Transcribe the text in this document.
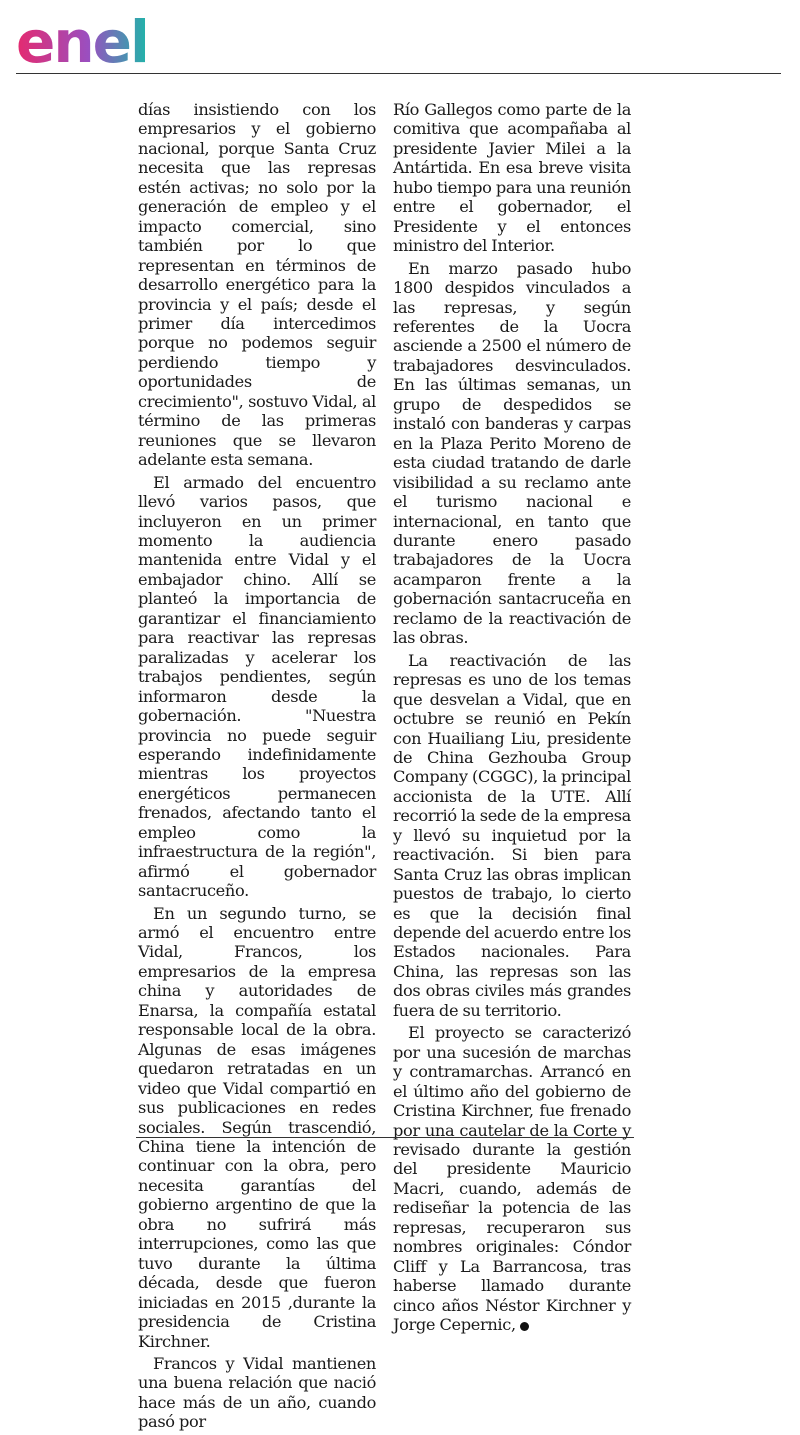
enel

días insistiendo con los empresarios y el gobierno nacional, porque Santa Cruz necesita que las represas estén activas; no solo por la generación de empleo y el impacto comercial, sino también por lo que representan en términos de desarrollo energético para la provincia y el país; desde el primer día intercedimos porque no podemos seguir perdiendo tiempo y oportunidades de crecimiento", sostuvo Vidal, al término de las primeras reuniones que se llevaron adelante esta semana.

El armado del encuentro llevó varios pasos, que incluyeron en un primer momento la audiencia mantenida entre Vidal y el embajador chino. Allí se planteó la importancia de garantizar el financiamiento para reactivar las represas paralizadas y acelerar los trabajos pendientes, según informaron desde la gobernación. "Nuestra provincia no puede seguir esperando indefinidamente mientras los proyectos energéticos permanecen frenados, afectando tanto el empleo como la infraestructura de la región", afirmó el gobernador santacruceño.

En un segundo turno, se armó el encuentro entre Vidal, Francos, los empresarios de la empresa china y autoridades de Enarsa, la compañía estatal responsable local de la obra. Algunas de esas imágenes quedaron retratadas en un video que Vidal compartió en sus publicaciones en redes sociales. Según trascendió, China tiene la intención de continuar con la obra, pero necesita garantías del gobierno argentino de que la obra no sufrirá más interrupciones, como las que tuvo durante la última década, desde que fueron iniciadas en 2015 ,durante la presidencia de Cristina Kirchner.

Francos y Vidal mantienen una buena relación que nació hace más de un año, cuando pasó por

Río Gallegos como parte de la comitiva que acompañaba al presidente Javier Milei a la Antártida. En esa breve visita hubo tiempo para una reunión entre el gobernador, el Presidente y el entonces ministro del Interior.

En marzo pasado hubo 1800 despidos vinculados a las represas, y según referentes de la Uocra asciende a 2500 el número de trabajadores desvinculados. En las últimas semanas, un grupo de despedidos se instaló con banderas y carpas en la Plaza Perito Moreno de esta ciudad tratando de darle visibilidad a su reclamo ante el turismo nacional e internacional, en tanto que durante enero pasado trabajadores de la Uocra acamparon frente a la gobernación santacruceña en reclamo de la reactivación de las obras.

La reactivación de las represas es uno de los temas que desvelan a Vidal, que en octubre se reunió en Pekín con Huailiang Liu, presidente de China Gezhouba Group Company (CGGC), la principal accionista de la UTE. Allí recorrió la sede de la empresa y llevó su inquietud por la reactivación. Si bien para Santa Cruz las obras implican puestos de trabajo, lo cierto es que la decisión final depende del acuerdo entre los Estados nacionales. Para China, las represas son las dos obras civiles más grandes fuera de su territorio.

El proyecto se caracterizó por una sucesión de marchas y contramarchas. Arrancó en el último año del gobierno de Cristina Kirchner, fue frenado por una cautelar de la Corte y revisado durante la gestión del presidente Mauricio Macri, cuando, además de rediseñar la potencia de las represas, recuperaron sus nombres originales: Cóndor Cliff y La Barrancosa, tras haberse llamado durante cinco años Néstor Kirchner y Jorge Cepernic,
